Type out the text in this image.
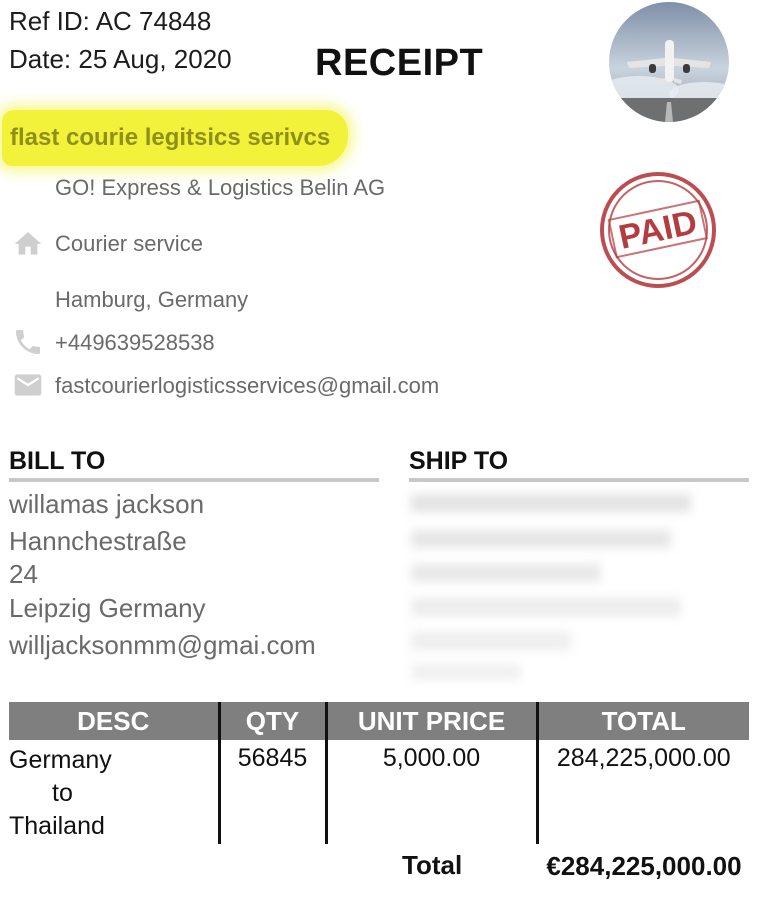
Ref ID: AC 74848
Date: 25 Aug, 2020 RECEIPT
flast courie legitsics serivcs
GO! Express & Logistics Belin AG
Courier service
Hamburg, Germany
+449639528538
fastcourierlogisticsservices@gmail.com
PAID
BILL TO	SHIP TO
willamas jackson
Hannchestraße
24
Leipzig Germany
willjacksonmm@gmai.com
DESC	QTY	UNIT PRICE	TOTAL

Germany
to
Thailand	56845	5,000.00	284,225,000.00
Total	€284,225,000.00
